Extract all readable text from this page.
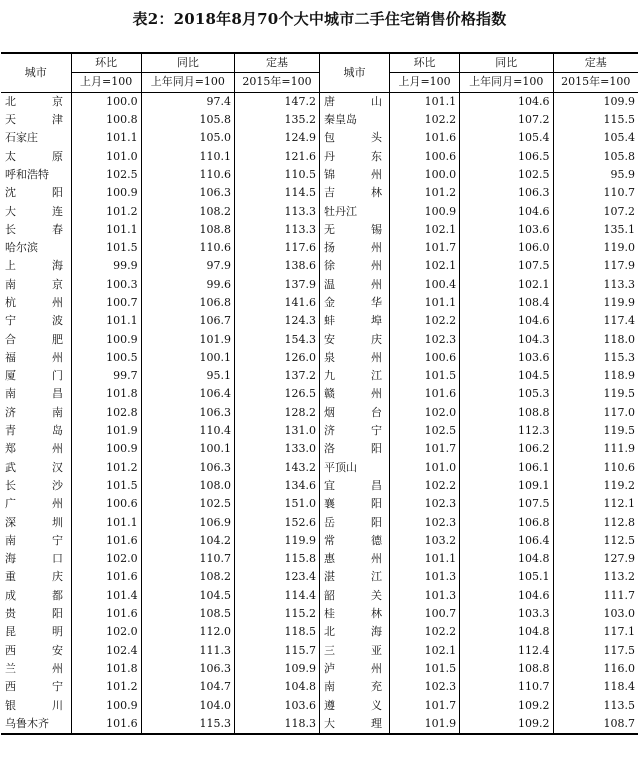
表2：2018年8月70个大中城市二手住宅销售价格指数
城市	环比	同比	定基	城市	环比	同比	定基
	上月=100	上年同月=100	2015年=100		上月=100	上年同月=100	2015年=100

北 京	100.0	97.4	147.2	唐 山	101.1	104.6	109.9

天 津	100.8	105.8	135.2	秦皇岛	102.2	107.2	115.5
石家庄	101.1	105.0	124.9	包 头	101.6	105.4	105.4

太 原	101.0	110.1	121.6	丹 东	100.6	106.5	105.8
呼和浩特	102.5	110.6	110.5	锦 州	100.0	102.5	95.9

沈 阳	100.9	106.3	114.5	吉 林	101.2	106.3	110.7

大 连	101.2	108.2	113.3	牡丹江	100.9	104.6	107.2

长 春	101.1	108.8	113.3	无 锡	102.1	103.6	135.1
哈尔滨	101.5	110.6	117.6	扬 州	101.7	106.0	119.0

上 海	99.9	97.9	138.6	徐 州	102.1	107.5	117.9

南 京	100.3	99.6	137.9	温 州	100.4	102.1	113.3

杭 州	100.7	106.8	141.6	金 华	101.1	108.4	119.9

宁 波	101.1	106.7	124.3	蚌 埠	102.2	104.6	117.4

合 肥	100.9	101.9	154.3	安 庆	102.3	104.3	118.0

福 州	100.5	100.1	126.0	泉 州	100.6	103.6	115.3

厦 门	99.7	95.1	137.2	九 江	101.5	104.5	118.9

南 昌	101.8	106.4	126.5	赣 州	101.6	105.3	119.5

济 南	102.8	106.3	128.2	烟 台	102.0	108.8	117.0

青 岛	101.9	110.4	131.0	济 宁	102.5	112.3	119.5

郑 州	100.9	100.1	133.0	洛 阳	101.7	106.2	111.9

武 汉	101.2	106.3	143.2	平顶山	101.0	106.1	110.6

长 沙	101.5	108.0	134.6	宜 昌	102.2	109.1	119.2

广 州	100.6	102.5	151.0	襄 阳	102.3	107.5	112.1

深 圳	101.1	106.9	152.6	岳 阳	102.3	106.8	112.8

南 宁	101.6	104.2	119.9	常 德	103.2	106.4	112.5

海 口	102.0	110.7	115.8	惠 州	101.1	104.8	127.9

重 庆	101.6	108.2	123.4	湛 江	101.3	105.1	113.2

成 都	101.4	104.5	114.4	韶 关	101.3	104.6	111.7

贵 阳	101.6	108.5	115.2	桂 林	100.7	103.3	103.0

昆 明	102.0	112.0	118.5	北 海	102.2	104.8	117.1

西 安	102.4	111.3	115.7	三 亚	102.1	112.4	117.5

兰 州	101.8	106.3	109.9	泸 州	101.5	108.8	116.0

西 宁	101.2	104.7	104.8	南 充	102.3	110.7	118.4

银 川	100.9	104.0	103.6	遵 义	101.7	109.2	113.5
乌鲁木齐	101.6	115.3	118.3	大 理	101.9	109.2	108.7
